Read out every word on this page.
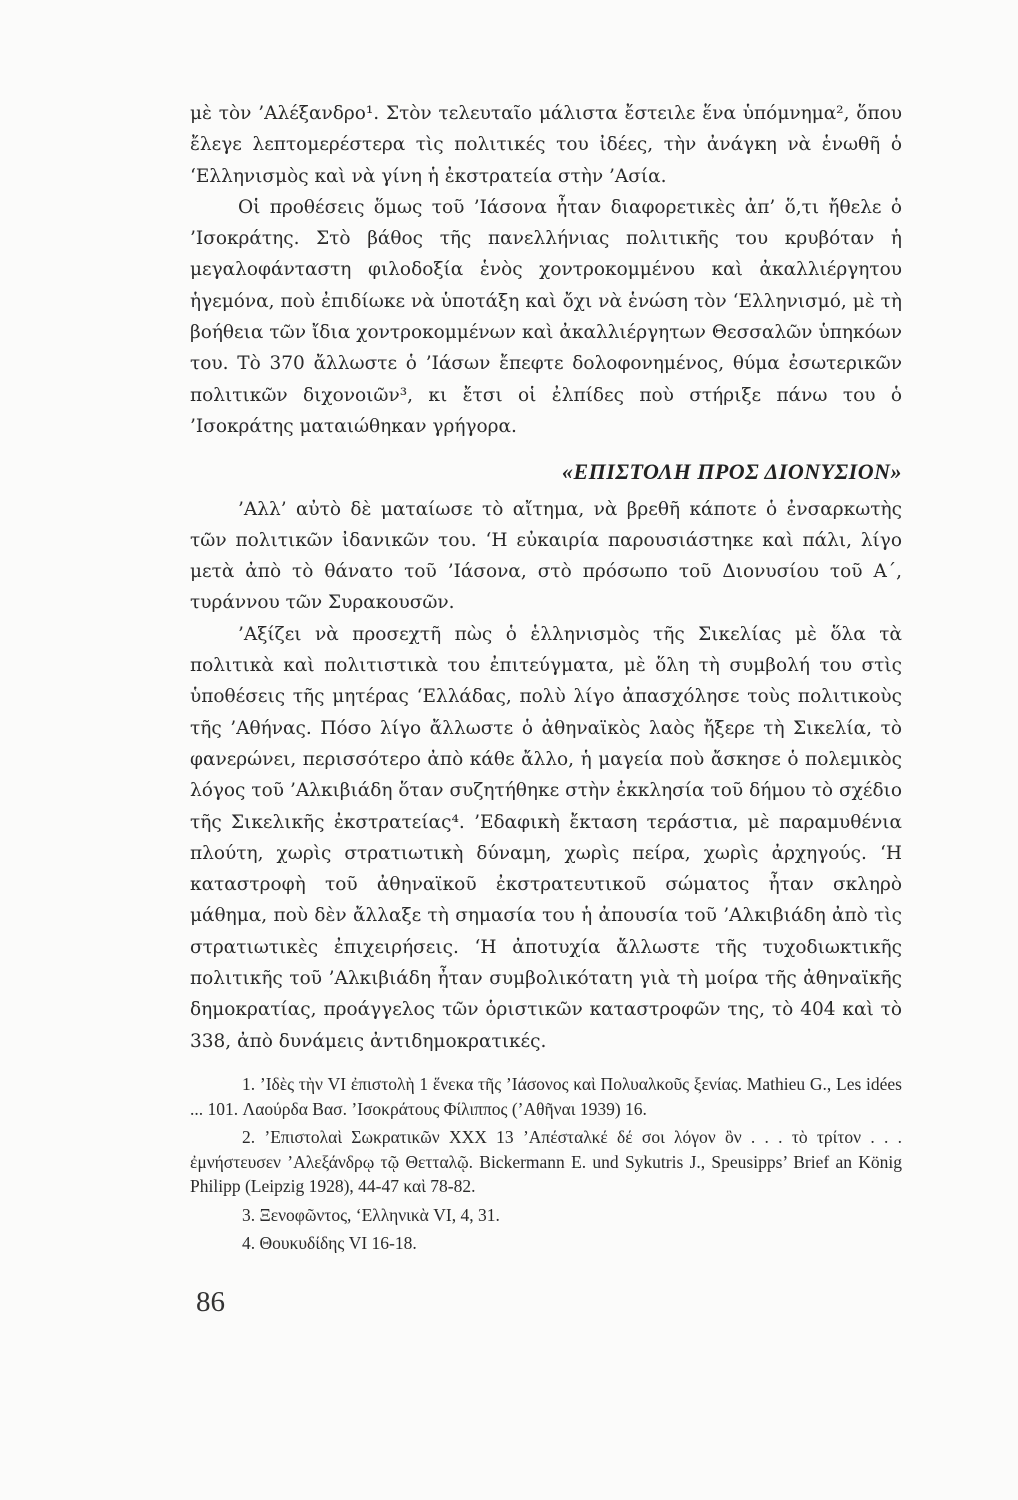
μὲ τὸν ’Αλέξανδρο¹. Στὸν τελευταῖο μάλιστα ἔστειλε ἕνα ὑπόμνημα², ὅπου ἔλεγε λεπτομερέστερα τὶς πολιτικές του ἰδέες, τὴν ἀνάγκη νὰ ἑνωθῆ ὁ ‘Ελληνισμὸς καὶ νὰ γίνη ἡ ἐκστρατεία στὴν ’Ασία.

Οἱ προθέσεις ὅμως τοῦ ’Ιάσονα ἦταν διαφορετικὲς ἀπ’ ὅ,τι ἤθελε ὁ ’Ισοκράτης. Στὸ βάθος τῆς πανελλήνιας πολιτικῆς του κρυβόταν ἡ μεγαλοφάνταστη φιλοδοξία ἑνὸς χοντροκομμένου καὶ ἀκαλλιέργητου ἡγεμόνα, ποὺ ἐπιδίωκε νὰ ὑποτάξη καὶ ὄχι νὰ ἑνώση τὸν ‘Ελληνισμό, μὲ τὴ βοήθεια τῶν ἴδια χοντροκομμένων καὶ ἀκαλλιέργητων Θεσσαλῶν ὑπηκόων του. Τὸ 370 ἄλλωστε ὁ ’Ιάσων ἔπεφτε δολοφονημένος, θύμα ἐσωτερικῶν πολιτικῶν διχονοιῶν³, κι ἔτσι οἱ ἐλπίδες ποὺ στήριξε πάνω του ὁ ’Ισοκράτης ματαιώθηκαν γρήγορα.

«ΕΠΙΣΤΟΛΗ ΠΡΟΣ ΔΙΟΝΥΣΙΟΝ»

’Αλλ’ αὐτὸ δὲ ματαίωσε τὸ αἴτημα, νὰ βρεθῆ κάποτε ὁ ἐνσαρκωτὴς τῶν πολιτικῶν ἰδανικῶν του. ‘Η εὐκαιρία παρουσιάστηκε καὶ πάλι, λίγο μετὰ ἀπὸ τὸ θάνατο τοῦ ’Ιάσονα, στὸ πρόσωπο τοῦ Διονυσίου τοῦ Α΄, τυράννου τῶν Συρακουσῶν.

’Αξίζει νὰ προσεχτῆ πὼς ὁ ἑλληνισμὸς τῆς Σικελίας μὲ ὅλα τὰ πολιτικὰ καὶ πολιτιστικὰ του ἐπιτεύγματα, μὲ ὅλη τὴ συμβολή του στὶς ὑποθέσεις τῆς μητέρας ‘Ελλάδας, πολὺ λίγο ἀπασχόλησε τοὺς πολιτικοὺς τῆς ’Αθήνας. Πόσο λίγο ἄλλωστε ὁ ἀθηναϊκὸς λαὸς ἤξερε τὴ Σικελία, τὸ φανερώνει, περισσότερο ἀπὸ κάθε ἄλλο, ἡ μαγεία ποὺ ἄσκησε ὁ πολεμικὸς λόγος τοῦ ’Αλκιβιάδη ὅταν συζητήθηκε στὴν ἐκκλησία τοῦ δήμου τὸ σχέδιο τῆς Σικελικῆς ἐκστρατείας⁴. ’Εδαφικὴ ἔκταση τεράστια, μὲ παραμυθένια πλούτη, χωρὶς στρατιωτικὴ δύναμη, χωρὶς πείρα, χωρὶς ἀρχηγούς. ‘Η καταστροφὴ τοῦ ἀθηναϊκοῦ ἐκστρατευτικοῦ σώματος ἦταν σκληρὸ μάθημα, ποὺ δὲν ἄλλαξε τὴ σημασία του ἡ ἀπουσία τοῦ ’Αλκιβιάδη ἀπὸ τὶς στρατιωτικὲς ἐπιχειρήσεις. ‘Η ἀποτυχία ἄλλωστε τῆς τυχοδιωκτικῆς πολιτικῆς τοῦ ’Αλκιβιάδη ἦταν συμβολικότατη γιὰ τὴ μοίρα τῆς ἀθηναϊκῆς δημοκρατίας, προάγγελος τῶν ὁριστικῶν καταστροφῶν της, τὸ 404 καὶ τὸ 338, ἀπὸ δυνάμεις ἀντιδημοκρατικές.

1. ’Ιδὲς τὴν VI ἐπιστολὴ 1 ἕνεκα τῆς ’Ιάσονος καὶ Πολυαλκοῦς ξενίας. Mathieu G., Les idées ... 101. Λαούρδα Βασ. ’Ισοκράτους Φίλιππος (’Αθῆναι 1939) 16.

2. ’Επιστολαὶ Σωκρατικῶν XXX 13 ’Απέσταλκέ δέ σοι λόγον ὃν . . . τὸ τρίτον . . . ἐμνήστευσεν ’Αλεξάνδρῳ τῷ Θετταλῷ. Bickermann E. und Sykutris J., Speusipps’ Brief an König Philipp (Leipzig 1928), 44-47 καὶ 78-82.

3. Ξενοφῶντος, ‘Ελληνικὰ VI, 4, 31.

4. Θουκυδίδης VI 16-18.

86
